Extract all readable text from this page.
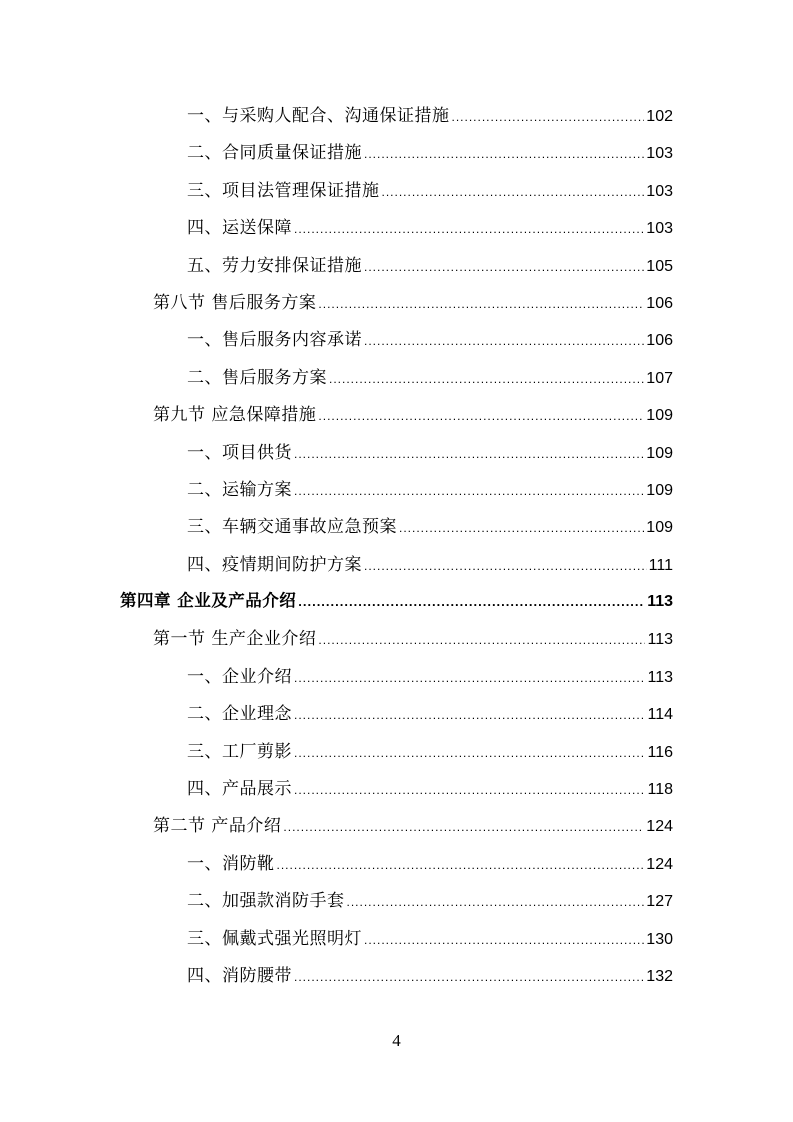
一、与采购人配合、沟通保证措施 .....	102
二、合同质量保证措施 .....	103
三、项目法管理保证措施 .....	103
四、运送保障 .....	103
五、劳力安排保证措施 .....	105
第八节 售后服务方案 .....	106
一、售后服务内容承诺 .....	106
二、售后服务方案 .....	107
第九节 应急保障措施 .....	109
一、项目供货 .....	109
二、运输方案 .....	109
三、车辆交通事故应急预案 .....	109
四、疫情期间防护方案 .....	111
第四章 企业及产品介绍 .....	113
第一节 生产企业介绍 .....	113
一、企业介绍 .....	113
二、企业理念 .....	114
三、工厂剪影 .....	116
四、产品展示 .....	118
第二节 产品介绍 .....	124
一、消防靴 .....	124
二、加强款消防手套 .....	127
三、佩戴式强光照明灯 .....	130
四、消防腰带 .....	132
4
